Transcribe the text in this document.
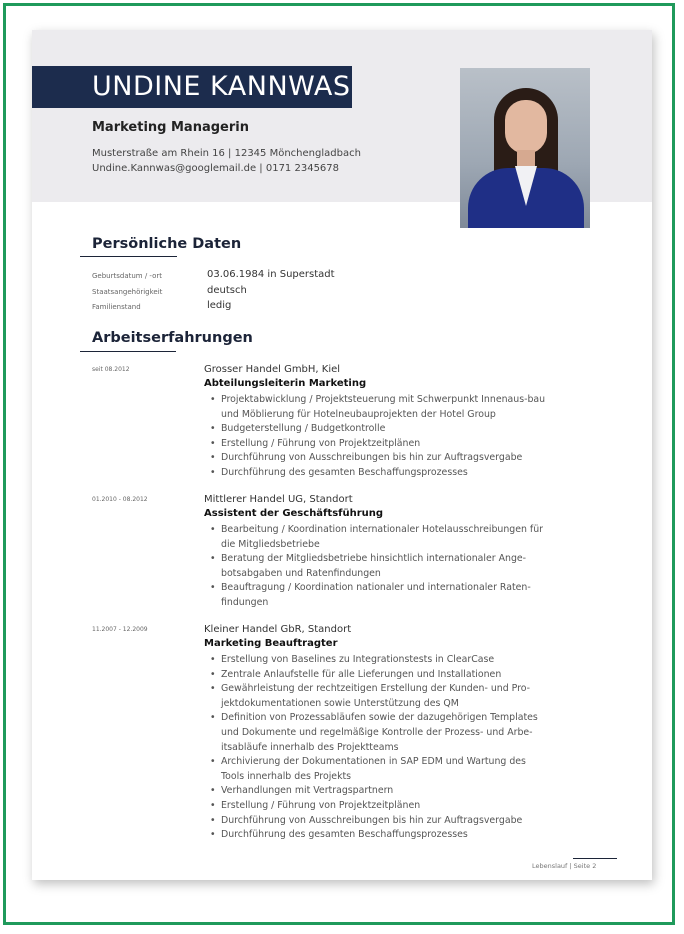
UNDINE KANNWAS
Marketing Managerin
Musterstraße am Rhein 16 | 12345 Mönchengladbach
Undine.Kannwas@googlemail.de | 0171 2345678
Persönliche Daten
Geburtsdatum / -ort	03.06.1984 in Superstadt
Staatsangehörigkeit	deutsch
Familienstand	ledig
Arbeitserfahrungen
seit 08.2012	Grosser Handel GmbH, Kiel
Abteilungsleiterin Marketing
• Projektabwicklung / Projektsteuerung mit Schwerpunkt Innenaus-bau und Möblierung für Hotelneubauprojekten der Hotel Group
• Budgeterstellung / Budgetkontrolle
• Erstellung / Führung von Projektzeitplänen
• Durchführung von Ausschreibungen bis hin zur Auftragsvergabe
• Durchführung des gesamten Beschaffungsprozesses
01.2010 - 08.2012	Mittlerer Handel UG, Standort
Assistent der Geschäftsführung
• Bearbeitung / Koordination internationaler Hotelausschreibungen für die Mitgliedsbetriebe
• Beratung der Mitgliedsbetriebe hinsichtlich internationaler Ange-botsabgaben und Ratenfindungen
• Beauftragung / Koordination nationaler und internationaler Raten-findungen
11.2007 - 12.2009	Kleiner Handel GbR, Standort
Marketing Beauftragter
• Erstellung von Baselines zu Integrationstests in ClearCase
• Zentrale Anlaufstelle für alle Lieferungen und Installationen
• Gewährleistung der rechtzeitigen Erstellung der Kunden- und Pro-jektdokumentationen sowie Unterstützung des QM
• Definition von Prozessabläufen sowie der dazugehörigen Templates und Dokumente und regelmäßige Kontrolle der Prozess- und Arbe-itsabläufe innerhalb des Projektteams
• Archivierung der Dokumentationen in SAP EDM und Wartung des Tools innerhalb des Projekts
• Verhandlungen mit Vertragspartnern
• Erstellung / Führung von Projektzeitplänen
• Durchführung von Ausschreibungen bis hin zur Auftragsvergabe
• Durchführung des gesamten Beschaffungsprozesses
Lebenslauf | Seite 2
